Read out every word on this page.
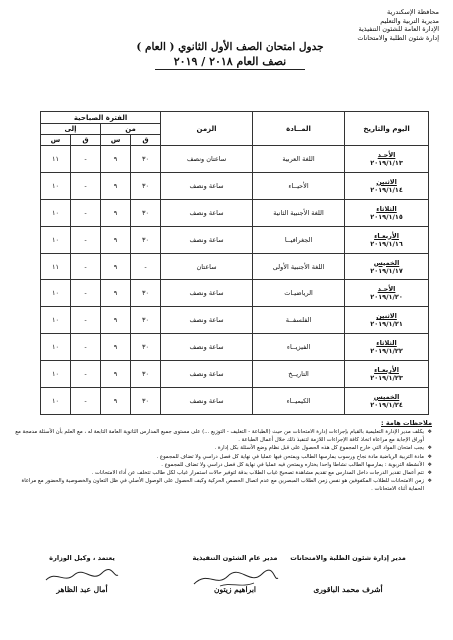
محافظة الإسكندرية
مديرية التربية والتعليم
الإدارة العامة للشئون التنفيذية
إدارة شئون الطلبة والامتحانات
جدول امتحان الصف الأول الثانوي ( العام )
نصف العام ٢٠١٨ / ٢٠١٩
اليوم والتاريخ	المــادة	الزمن	الفترة الصباحية			
			من		إلى	
			ق	س	ق	س

الأحـد
٢٠١٩/١/١٣	اللغة العربية	ساعتان ونصف	٣٠	٩	-	١١

الاثنين
٢٠١٩/١/١٤	الأحيــاء	ساعة ونصف	٣٠	٩	-	١٠

الثلاثاء
٢٠١٩/١/١٥	اللغة الأجنبية الثانية	ساعة ونصف	٣٠	٩	-	١٠

الأربعـاء
٢٠١٩/١/١٦	الجغرافيــا	ساعة ونصف	٣٠	٩	-	١٠

الخميس
٢٠١٩/١/١٧	اللغة الأجنبية الأولى	ساعتان	-	٩	-	١١

الأحـد
٢٠١٩/١/٢٠	الرياضيـات	ساعة ونصف	٣٠	٩	-	١٠

الاثنين
٢٠١٩/١/٢١	الفلسفــة	ساعة ونصف	٣٠	٩	-	١٠

الثلاثاء
٢٠١٩/١/٢٢	الفيزيــاء	ساعة ونصف	٣٠	٩	-	١٠

الأربعـاء
٢٠١٩/١/٢٣	التاريــخ	ساعة ونصف	٣٠	٩	-	١٠

الخميس
٢٠١٩/١/٢٤	الكيميــاء	ساعة ونصف	٣٠	٩	-	١٠
ملاحظات هامة :
❖
يكلف مدير الإدارة التعليمية بالقيام بإجراءات إدارة الامتحانات من حيث (الطباعة - التغليف - التوزيع ...) على مستوى جميع المدارس الثانوية العامة التابعة له ، مع العلم بأن الأسئلة مدمجة مع أوراق الإجابة مع مراعاة اتخاذ كافة الإجراءات اللازمة لتنفيذ ذلك خلال أعمال الطباعة .
❖
يجب امتحان المواد التي خارج المجموع كل هذه الحصول على قبل نظام وضع الأسئلة بكل إدارة .
❖
مادة التربية الرياضية مادة نجاح ورسوب يمارسها الطالب ويمتحن فيها عمليا في نهاية كل فصل دراسي ولا تضاف للمجموع .
❖
الأنشطة التربوية : يمارسها الطالب نشاطا واحدا يختاره ويمتحن فيه عمليا في نهاية كل فصل دراسي ولا تضاف للمجموع .
❖
تتم أعمال تقدير الدرجات داخل المدارس مع تقديم مشاهدة تصحيح غياب الطلاب بدقة لتوفير حالات استمرار غياب لكل طالب تتخلف عن أداء الامتحانات .
❖
زمن الامتحانات للطلاب المكفوفين هو نفس زمن الطلاب المبصرين مع عدم اتصال الحصص الحركية وكيف الحصول على الوصول الأصلي في ظل التعاون والخصوصية والحضور مع مراعاة الحماية أثناء الامتحانات .
مدير إدارة شئون الطلبة والامتحانات
أشرف محمد الباقورى
مدير عام الشئون التنفيذية
ابراهيم زيتون
يعتمد ، وكيل الوزارة
أمال عبد الظاهر
